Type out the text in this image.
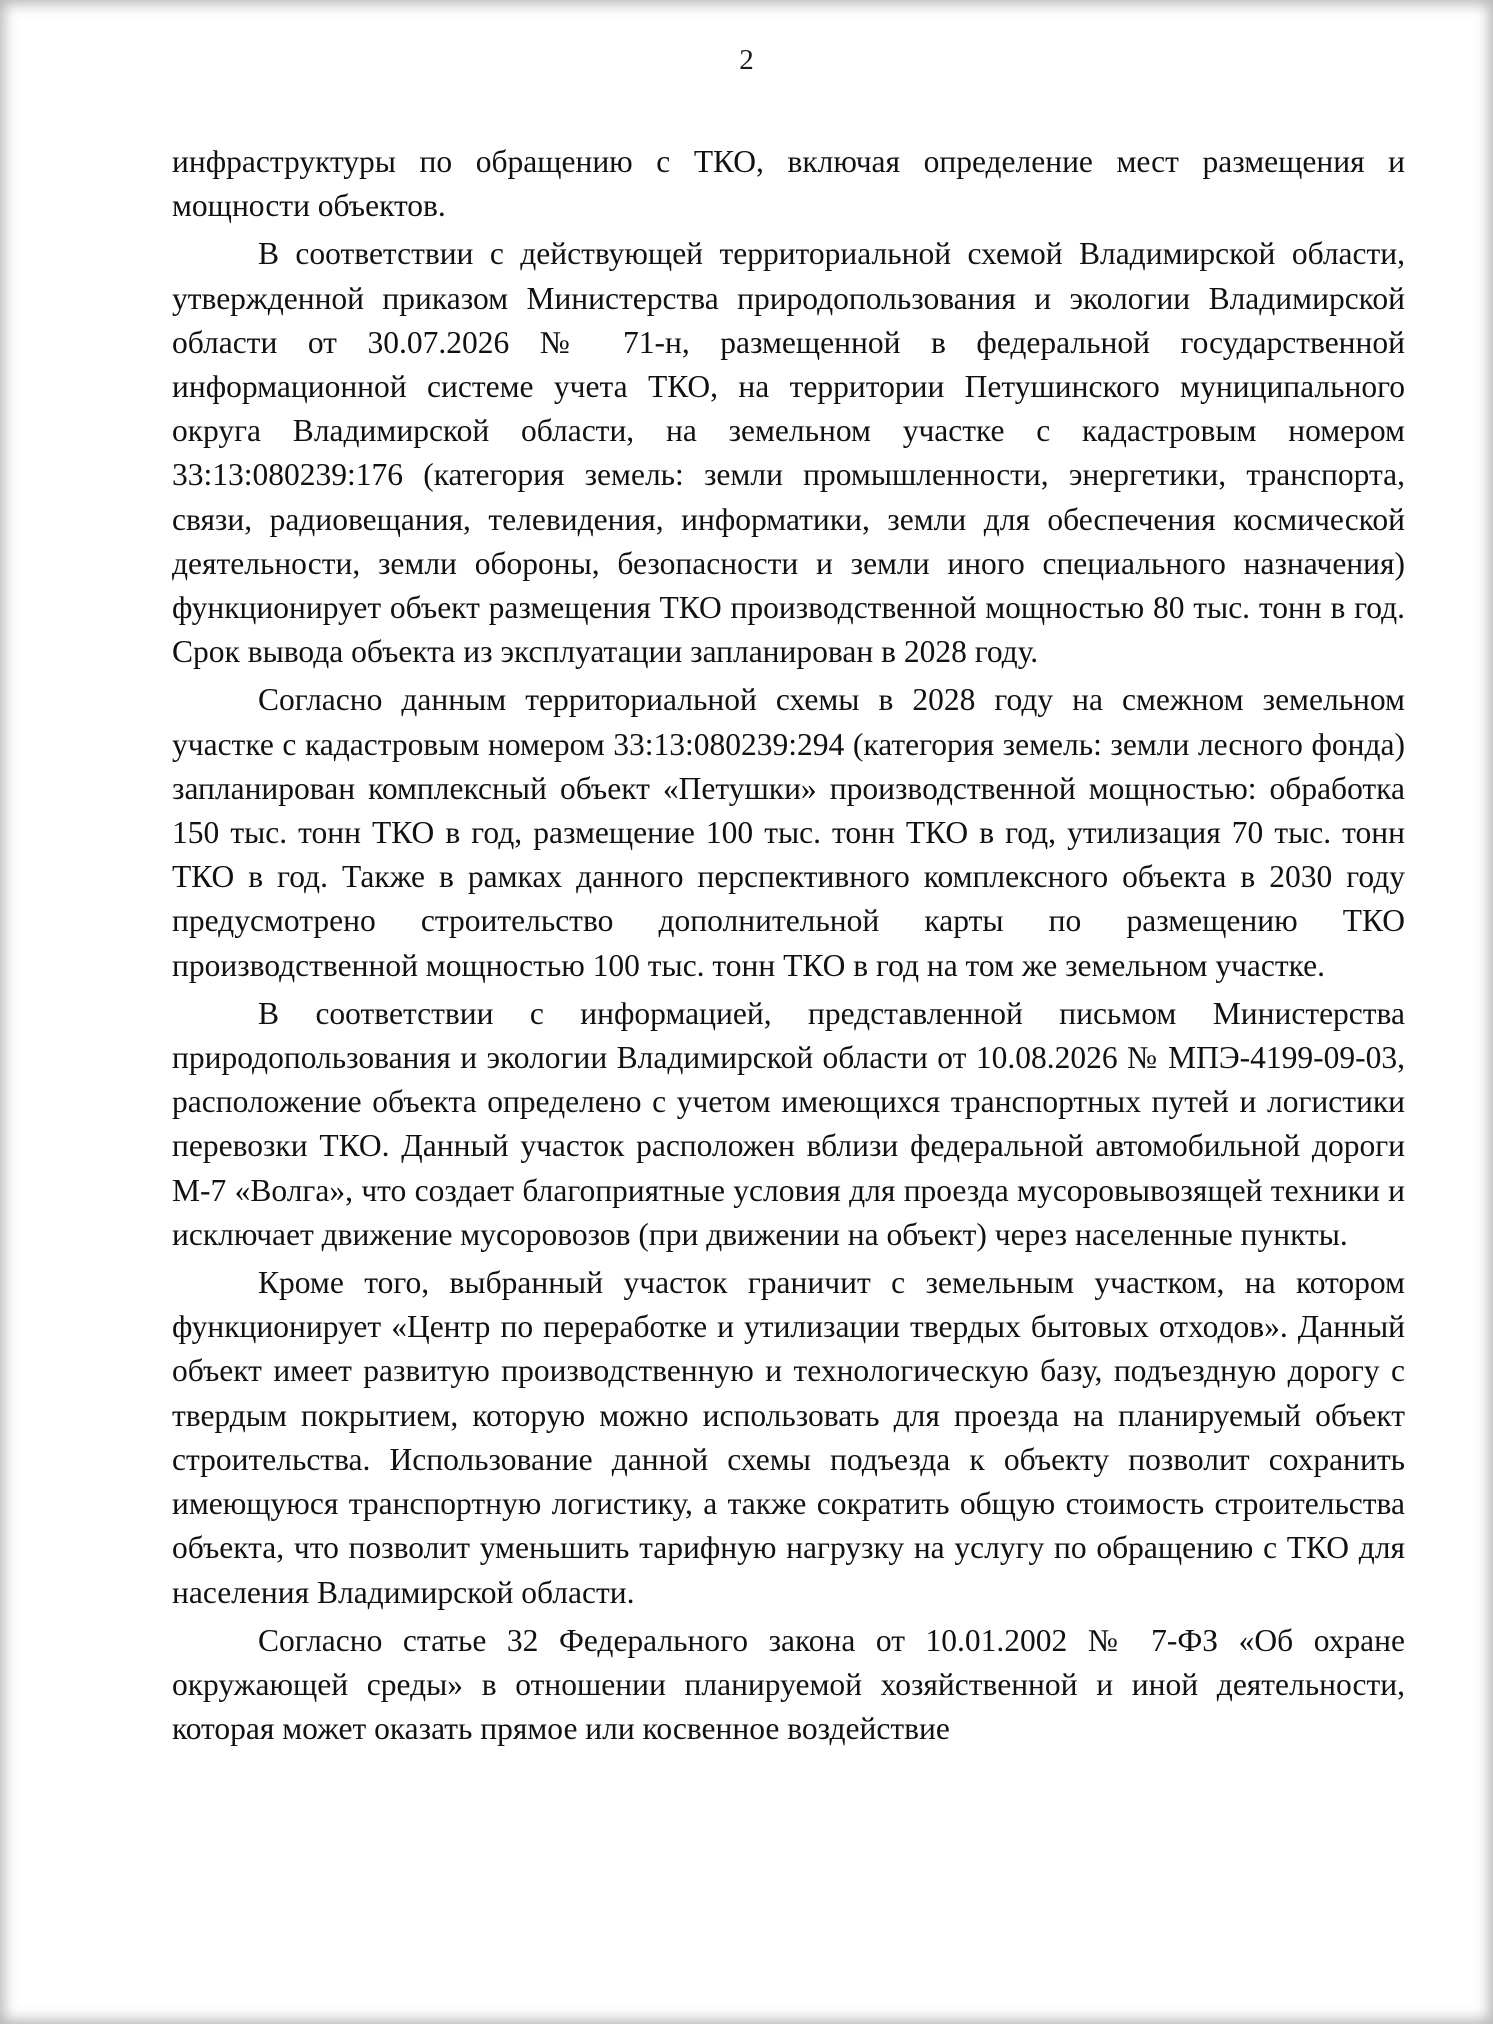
2

инфраструктуры по обращению с ТКО, включая определение мест размещения и мощности объектов.

В соответствии с действующей территориальной схемой Владимирской области, утвержденной приказом Министерства природопользования и экологии Владимирской области от 30.07.2026 № 71-н, размещенной в федеральной государственной информационной системе учета ТКО, на территории Петушинского муниципального округа Владимирской области, на земельном участке с кадастровым номером 33:13:080239:176 (категория земель: земли промышленности, энергетики, транспорта, связи, радиовещания, телевидения, информатики, земли для обеспечения космической деятельности, земли обороны, безопасности и земли иного специального назначения) функционирует объект размещения ТКО производственной мощностью 80 тыс. тонн в год. Срок вывода объекта из эксплуатации запланирован в 2028 году.

Согласно данным территориальной схемы в 2028 году на смежном земельном участке с кадастровым номером 33:13:080239:294 (категория земель: земли лесного фонда) запланирован комплексный объект «Петушки» производственной мощностью: обработка 150 тыс. тонн ТКО в год, размещение 100 тыс. тонн ТКО в год, утилизация 70 тыс. тонн ТКО в год. Также в рамках данного перспективного комплексного объекта в 2030 году предусмотрено строительство дополнительной карты по размещению ТКО производственной мощностью 100 тыс. тонн ТКО в год на том же земельном участке.

В соответствии с информацией, представленной письмом Министерства природопользования и экологии Владимирской области от 10.08.2026 № МПЭ-4199-09-03, расположение объекта определено с учетом имеющихся транспортных путей и логистики перевозки ТКО. Данный участок расположен вблизи федеральной автомобильной дороги М-7 «Волга», что создает благоприятные условия для проезда мусоровывозящей техники и исключает движение мусоровозов (при движении на объект) через населенные пункты.

Кроме того, выбранный участок граничит с земельным участком, на котором функционирует «Центр по переработке и утилизации твердых бытовых отходов». Данный объект имеет развитую производственную и технологическую базу, подъездную дорогу с твердым покрытием, которую можно использовать для проезда на планируемый объект строительства. Использование данной схемы подъезда к объекту позволит сохранить имеющуюся транспортную логистику, а также сократить общую стоимость строительства объекта, что позволит уменьшить тарифную нагрузку на услугу по обращению с ТКО для населения Владимирской области.

Согласно статье 32 Федерального закона от 10.01.2002 № 7-ФЗ «Об охране окружающей среды» в отношении планируемой хозяйственной и иной деятельности, которая может оказать прямое или косвенное воздействие
